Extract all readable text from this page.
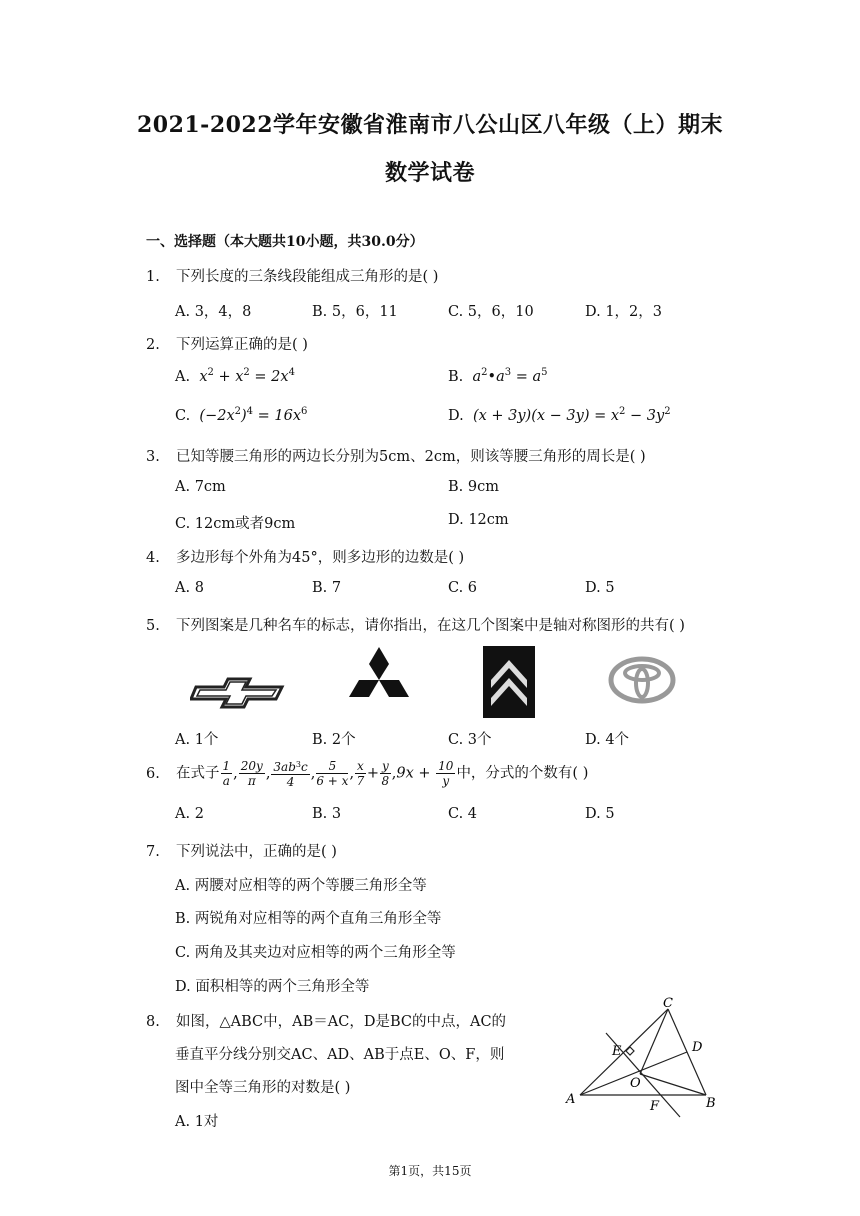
2021-2022学年安徽省淮南市八公山区八年级（上）期末
数学试卷
一、选择题（本大题共10小题，共30.0分）
1. 下列长度的三条线段能组成三角形的是( )
A. 3，4，8	B. 5，6，11	C. 5，6，10	D. 1，2，3
2. 下列运算正确的是( )
A.  $x^2 + x^2 = 2x^4$	B.  $a^2•a^3 = a^5$
C.  $(-2x^2)^4 = 16x^6$	D.  $(x + 3y)(x - 3y) = x^2 - 3y^2$
3. 已知等腰三角形的两边长分别为5cm、2cm，则该等腰三角形的周长是( )
A. 7cm	B. 9cm
C. 12cm或者9cm	D. 12cm
4. 多边形每个外角为45°，则多边形的边数是( )
A. 8	B. 7	C. 6	D. 5
5. 下列图案是几种名车的标志，请你指出，在这几个图案中是轴对称图形的共有( )
A. 1个	B. 2个	C. 3个	D. 4个
6. 在式子 $\frac{1}{a}$ , $\frac{20y}{\pi}$ , $\frac{3ab^3c}{4}$ , $\frac{5}{6 + x}$ , $\frac{x}{7} + \frac{y}{8} ,9x + \frac{10}{y}$ 中，分式的个数有( )
A. 2	B. 3	C. 4	D. 5
7. 下列说法中，正确的是( )
A. 两腰对应相等的两个等腰三角形全等
B. 两锐角对应相等的两个直角三角形全等
C. 两角及其夹边对应相等的两个三角形全等
D. 面积相等的两个三角形全等
8. 如图，△ABC中，AB＝AC，D是BC的中点，AC的
垂直平分线分别交AC、AD、AB于点E、O、F，则
图中全等三角形的对数是( )
A. 1对
C
D
E
O
A	F	B
第1页，共15页
